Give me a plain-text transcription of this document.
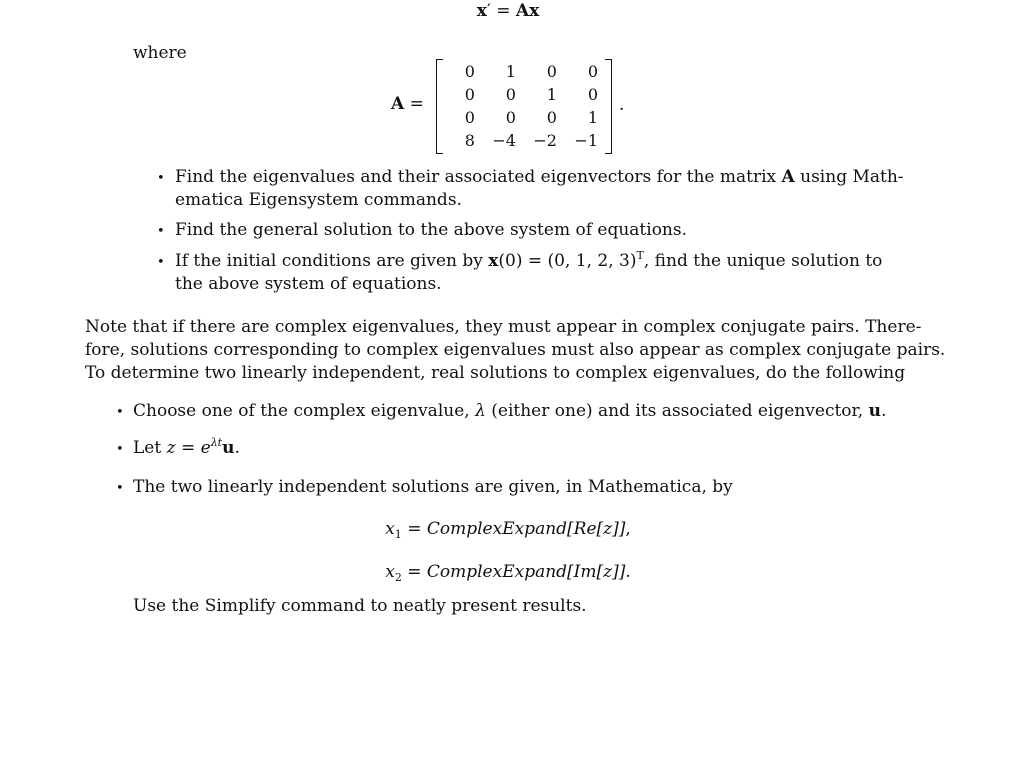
x′ = Ax
where
A =
0	1	0	0
0	0	1	0
0	0	0	1
8	−4	−2	−1
.
• Find the eigenvalues and their associated eigenvectors for the matrix A using Math-
ematica Eigensystem commands.
• Find the general solution to the above system of equations.
• If the initial conditions are given by x(0) = (0, 1, 2, 3)$^T$, find the unique solution to
the above system of equations.
Note that if there are complex eigenvalues, they must appear in complex conjugate pairs. There-
fore, solutions corresponding to complex eigenvalues must also appear as complex conjugate pairs.
To determine two linearly independent, real solutions to complex eigenvalues, do the following
• Choose one of the complex eigenvalue, λ (either one) and its associated eigenvector, u.
• Let $z = e^{\lambda t}u$.
• The two linearly independent solutions are given, in Mathematica, by
$x_1$ = ComplexExpand[Re[z]],
$x_2$ = ComplexExpand[Im[z]].
Use the Simplify command to neatly present results.
